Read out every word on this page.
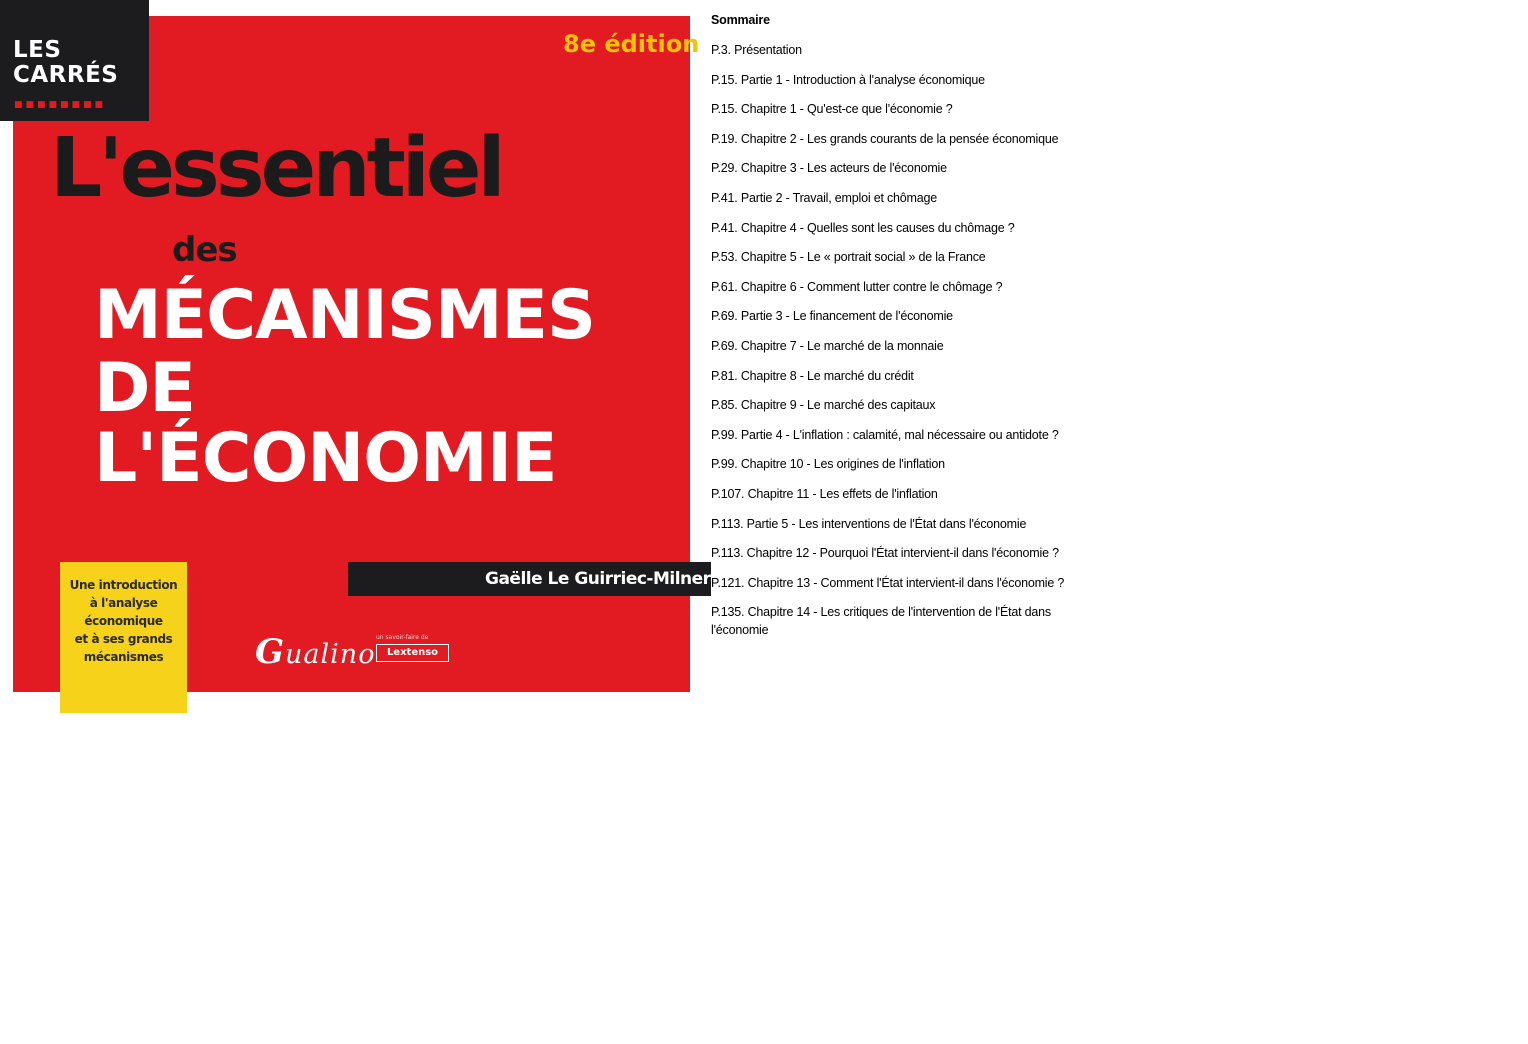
LES
CARRÉS
■■■■■■■■
8e édition
L'essentiel
des
MÉCANISMES
DE
L'ÉCONOMIE
Gaëlle Le Guirriec-Milner
Une introduction
à l'analyse
économique
et à ses grands
mécanismes	Gualino
un savoir-faire de
Lextenso
Sommaire
P.3. Présentation
P.15. Partie 1 - Introduction à l'analyse économique
P.15. Chapitre 1 - Qu'est-ce que l'économie ?
P.19. Chapitre 2 - Les grands courants de la pensée économique
P.29. Chapitre 3 - Les acteurs de l'économie
P.41. Partie 2 - Travail, emploi et chômage
P.41. Chapitre 4 - Quelles sont les causes du chômage ?
P.53. Chapitre 5 - Le « portrait social » de la France
P.61. Chapitre 6 - Comment lutter contre le chômage ?
P.69. Partie 3 - Le financement de l'économie
P.69. Chapitre 7 - Le marché de la monnaie
P.81. Chapitre 8 - Le marché du crédit
P.85. Chapitre 9 - Le marché des capitaux
P.99. Partie 4 - L'inflation : calamité, mal nécessaire ou antidote ?
P.99. Chapitre 10 - Les origines de l'inflation
P.107. Chapitre 11 - Les effets de l'inflation
P.113. Partie 5 - Les interventions de l'État dans l'économie
P.113. Chapitre 12 - Pourquoi l'État intervient-il dans l'économie ?
P.121. Chapitre 13 - Comment l'État intervient-il dans l'économie ?
P.135. Chapitre 14 - Les critiques de l'intervention de l'État dans l'économie
